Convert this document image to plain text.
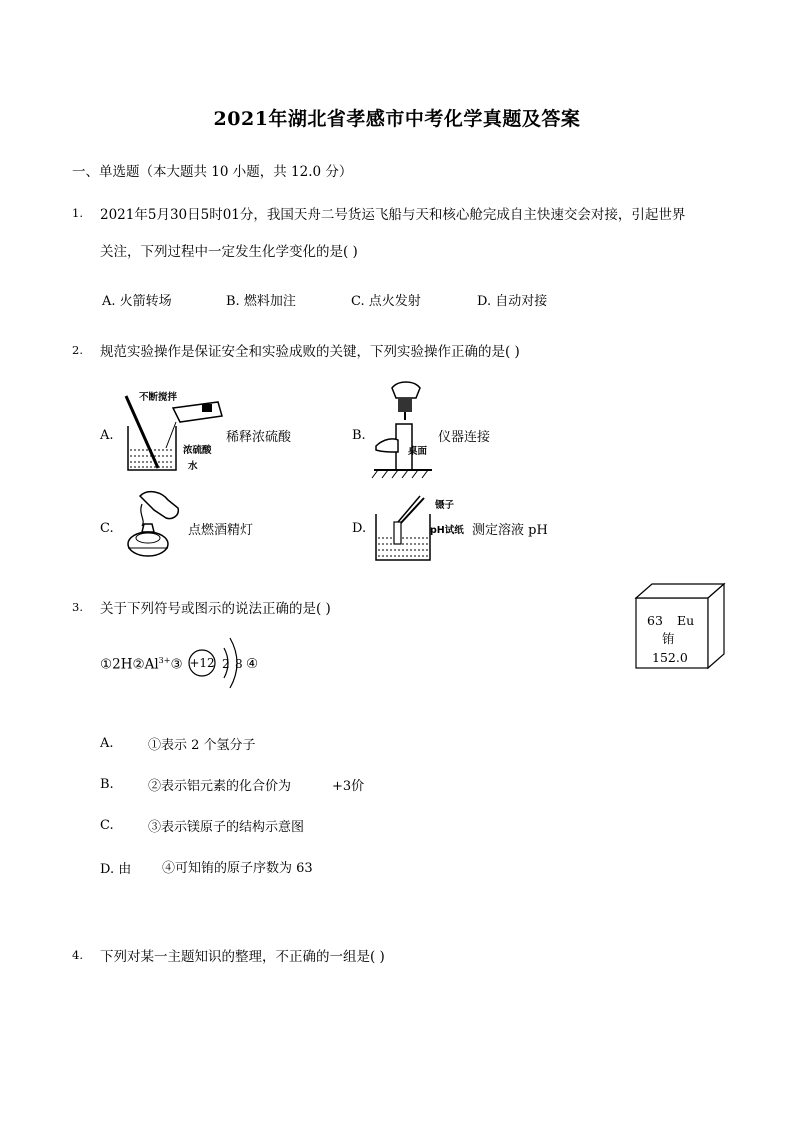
2021年湖北省孝感市中考化学真题及答案
一、单选题（本大题共 10 小题，共 12.0 分）
1. 2021年5月30日5时01分，我国天舟二号货运飞船与天和核心舱完成自主快速交会对接，引起世界
关注，下列过程中一定发生化学变化的是( )
A. 火箭转场	B. 燃料加注	C. 点火发射	D. 自动对接
2. 规范实验操作是保证安全和实验成败的关键，下列实验操作正确的是( )
A.
不断搅拌
浓硫酸
水
稀释浓硫酸	B.
桌面
仪器连接
C.	点燃酒精灯	D.
镊子
pH试纸 测定溶液 pH
3. 关于下列符号或图示的说法正确的是( )
$①2H②Al^{3+}③ +12$ 2 8 ④
63 Eu
铕
152.0
A.	①表示 2 个氢分子
B.	②表示铝元素的化合价为	+3价
C.	③表示镁原子的结构示意图
D. 由 ④可知铕的原子序数为 63
4. 下列对某一主题知识的整理，不正确的一组是( )
